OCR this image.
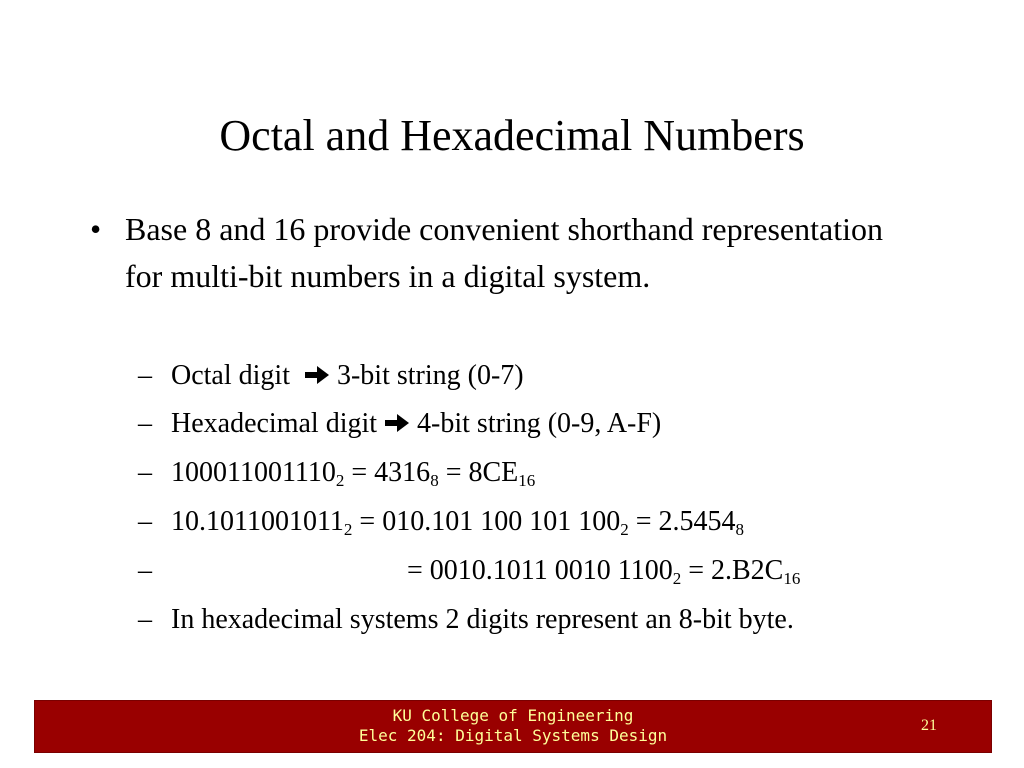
Octal and Hexadecimal Numbers
• Base 8 and 16 provide convenient shorthand representation for multi-bit numbers in a digital system.
– Octal digit 3-bit string (0-7)
– Hexadecimal digit 4-bit string (0-9, A-F)
– $100011001110_2 = 4316_8 = 8CE_{16}$
– $10.1011001011_2 = 010.101$ 100 101 $100_2 = 2.5454_8$
–	= 0010.1011 0010 $1100_2 = 2.B2C_{16}$
– In hexadecimal systems 2 digits represent an 8-bit byte.
KU College of Engineering
Elec 204: Digital Systems Design
21
